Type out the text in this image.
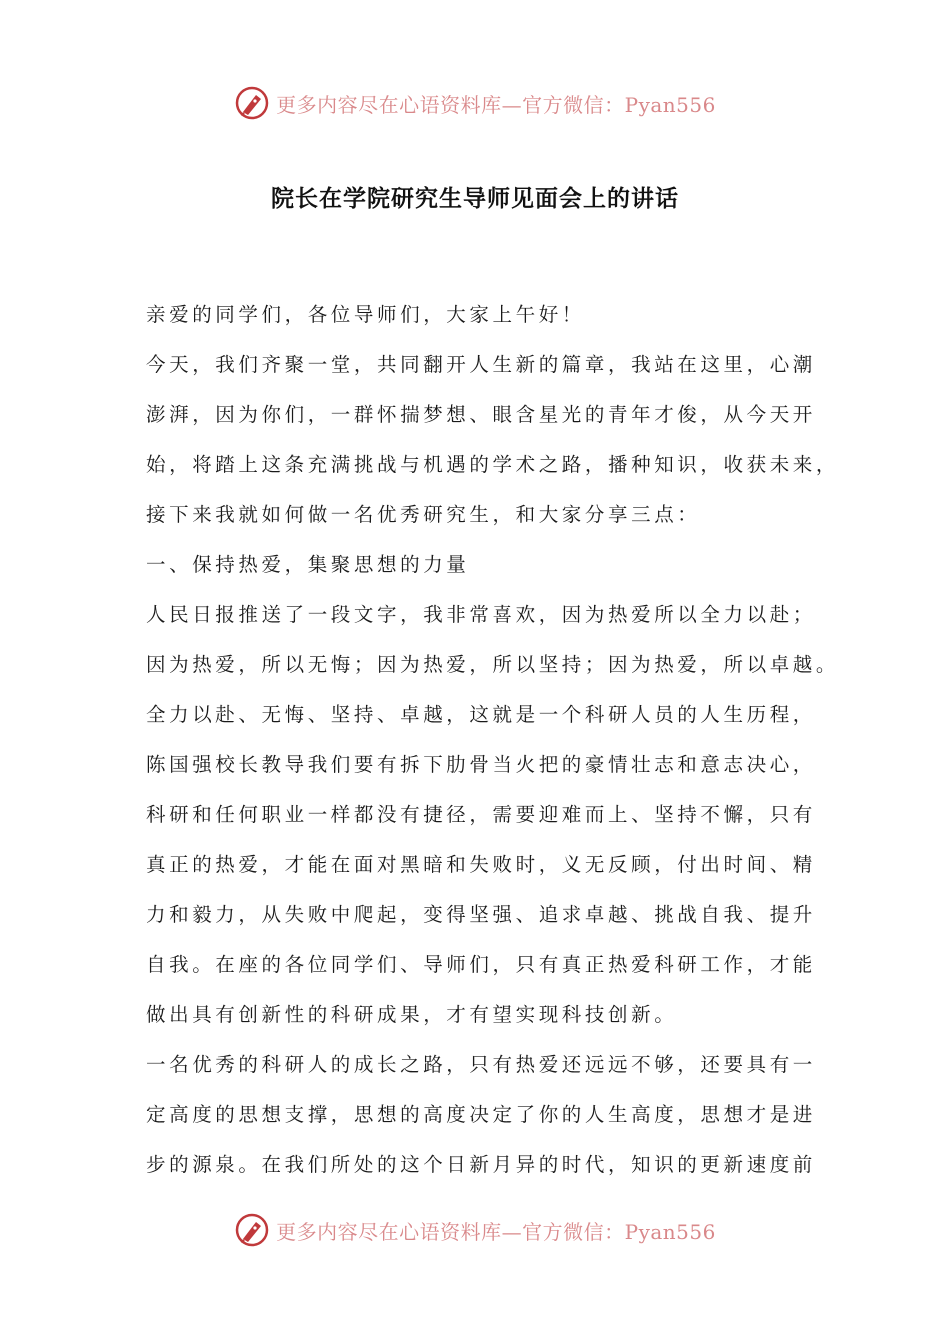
更多内容尽在心语资料库—官方微信：Pyan556
院长在学院研究生导师见面会上的讲话
亲爱的同学们，各位导师们，大家上午好！
今天，我们齐聚一堂，共同翻开人生新的篇章，我站在这里，心潮
澎湃，因为你们，一群怀揣梦想、眼含星光的青年才俊，从今天开
始，将踏上这条充满挑战与机遇的学术之路，播种知识，收获未来，
接下来我就如何做一名优秀研究生，和大家分享三点：
一、保持热爱，集聚思想的力量
人民日报推送了一段文字，我非常喜欢，因为热爱所以全力以赴；
因为热爱，所以无悔；因为热爱，所以坚持；因为热爱，所以卓越。
全力以赴、无悔、坚持、卓越，这就是一个科研人员的人生历程，
陈国强校长教导我们要有拆下肋骨当火把的豪情壮志和意志决心，
科研和任何职业一样都没有捷径，需要迎难而上、坚持不懈，只有
真正的热爱，才能在面对黑暗和失败时，义无反顾，付出时间、精
力和毅力，从失败中爬起，变得坚强、追求卓越、挑战自我、提升
自我。在座的各位同学们、导师们，只有真正热爱科研工作，才能
做出具有创新性的科研成果，才有望实现科技创新。
一名优秀的科研人的成长之路，只有热爱还远远不够，还要具有一
定高度的思想支撑，思想的高度决定了你的人生高度，思想才是进
步的源泉。在我们所处的这个日新月异的时代，知识的更新速度前
更多内容尽在心语资料库—官方微信：Pyan556
